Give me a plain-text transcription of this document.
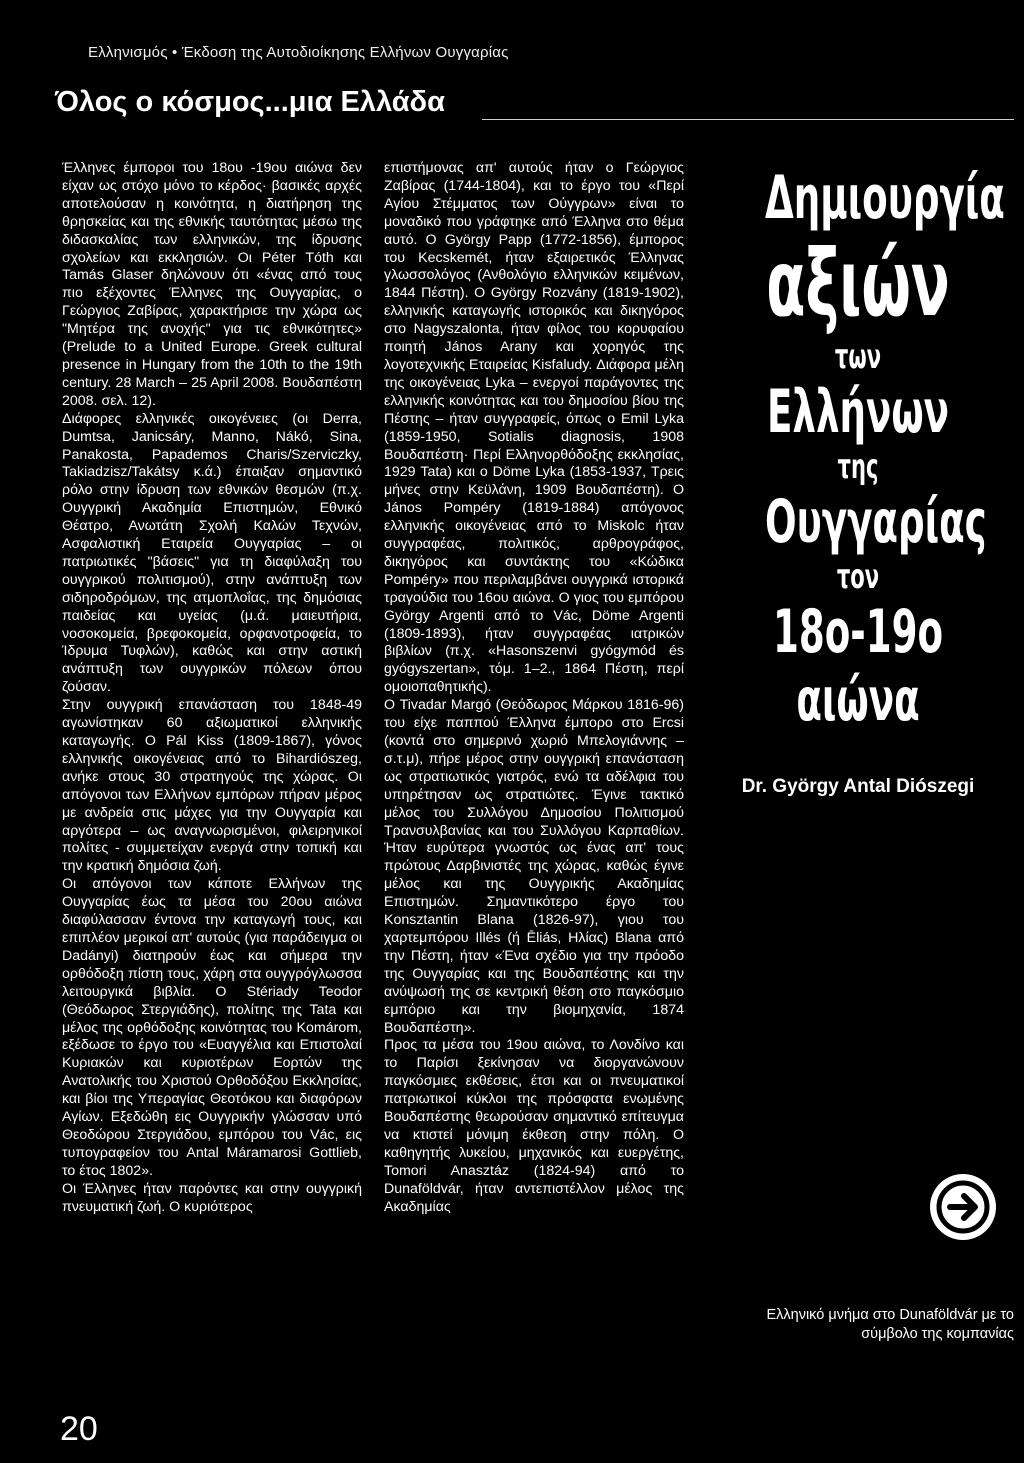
Ελληνισμός • Έκδοση της Αυτοδιοίκησης Ελλήνων Ουγγαρίας
Όλος ο κόσμος...μια Ελλάδα

Έλληνες έμποροι του 18ου -19ου αιώνα δεν είχαν ως στόχο μόνο το κέρδος· βασικές αρχές αποτελούσαν η κοινότητα, η διατήρηση της θρησκείας και της εθνικής ταυτότητας μέσω της διδασκαλίας των ελληνικών, της ίδρυσης σχολείων και εκκλησιών. Οι Péter Tóth και Tamás Glaser δηλώνουν ότι «ένας από τους πιο εξέχοντες Έλληνες της Ουγγαρίας, ο Γεώργιος Ζαβίρας, χαρακτήρισε την χώρα ως "Μητέρα της ανοχής" για τις εθνικότητες» (Prelude to a United Europe. Greek cultural presence in Hungary from the 10th to the 19th century. 28 March – 25 April 2008. Βουδαπέστη 2008. σελ. 12).

Διάφορες ελληνικές οικογένειες (οι Derra, Dumtsa, Janicsáry, Manno, Nákó, Sina, Panakosta, Papademos Charis/Szerviczky, Takiadzisz/Takátsy κ.ά.) έπαιξαν σημαντικό ρόλο στην ίδρυση των εθνικών θεσμών (π.χ. Ουγγρική Ακαδημία Επιστημών, Εθνικό Θέατρο, Ανωτάτη Σχολή Καλών Τεχνών, Ασφαλιστική Εταιρεία Ουγγαρίας – οι πατριωτικές "βάσεις" για τη διαφύλαξη του ουγγρικού πολιτισμού), στην ανάπτυξη των σιδηροδρόμων, της ατμοπλοΐας, της δημόσιας παιδείας και υγείας (μ.ά. μαιευτήρια, νοσοκομεία, βρεφοκομεία, ορφανοτροφεία, το Ίδρυμα Τυφλών), καθώς και στην αστική ανάπτυξη των ουγγρικών πόλεων όπου ζούσαν.

Στην ουγγρική επανάσταση του 1848-49 αγωνίστηκαν 60 αξιωματικοί ελληνικής καταγωγής. Ο Pál Kiss (1809-1867), γόνος ελληνικής οικογένειας από το Bihardiószeg, ανήκε στους 30 στρατηγούς της χώρας. Οι απόγονοι των Ελλήνων εμπόρων πήραν μέρος με ανδρεία στις μάχες για την Ουγγαρία και αργότερα – ως αναγνωρισμένοι, φιλειρηνικοί πολίτες - συμμετείχαν ενεργά στην τοπική και την κρατική δημόσια ζωή.

Οι απόγονοι των κάποτε Ελλήνων της Ουγγαρίας έως τα μέσα του 20ου αιώνα διαφύλασσαν έντονα την καταγωγή τους, και επιπλέον μερικοί απ' αυτούς (για παράδειγμα οι Dadányi) διατηρούν έως και σήμερα την ορθόδοξη πίστη τους, χάρη στα ουγγρόγλωσσα λειτουργικά βιβλία. Ο Stériady Teodor (Θεόδωρος Στεργιάδης), πολίτης της Tata και μέλος της ορθόδοξης κοινότητας του Komárom, εξέδωσε το έργο του «Ευαγγέλια και Επιστολαί Κυριακών και κυριοτέρων Εορτών της Ανατολικής του Χριστού Ορθοδόξου Εκκλησίας, και βίοι της Υπεραγίας Θεοτόκου και διαφόρων Αγίων. Εξεδώθη εις Ουγγρικήν γλώσσαν υπό Θεοδώρου Στεργιάδου, εμπόρου του Vác, εις τυπογραφείον του Antal Máramarosi Gottlieb, το έτος 1802».

Οι Έλληνες ήταν παρόντες και στην ουγγρική πνευματική ζωή. Ο κυριότερος

επιστήμονας απ' αυτούς ήταν ο Γεώργιος Ζαβίρας (1744-1804), και το έργο του «Περί Αγίου Στέμματος των Ούγγρων» είναι το μοναδικό που γράφτηκε από Έλληνα στο θέμα αυτό. Ο György Papp (1772-1856), έμπορος του Kecskemét, ήταν εξαιρετικός Έλληνας γλωσσολόγος (Ανθολόγιο ελληνικών κειμένων, 1844 Πέστη). Ο György Rozvány (1819-1902), ελληνικής καταγωγής ιστορικός και δικηγόρος στο Nagyszalonta, ήταν φίλος του κορυφαίου ποιητή János Arany και χορηγός της λογοτεχνικής Εταιρείας Kisfaludy. Διάφορα μέλη της οικογένειας Lyka – ενεργοί παράγοντες της ελληνικής κοινότητας και του δημοσίου βίου της Πέστης – ήταν συγγραφείς, όπως ο Emil Lyka (1859-1950, Sotialis diagnosis, 1908 Βουδαπέστη· Περί Ελληνορθόδοξης εκκλησίας, 1929 Tata) και ο Döme Lyka (1853-1937, Τρεις μήνες στην Κεϋλάνη, 1909 Βουδαπέστη). Ο János Pompéry (1819-1884) απόγονος ελληνικής οικογένειας από το Miskolc ήταν συγγραφέας, πολιτικός, αρθρογράφος, δικηγόρος και συντάκτης του «Κώδικα Pompéry» που περιλαμβάνει ουγγρικά ιστορικά τραγούδια του 16ου αιώνα. Ο γιος του εμπόρου György Argenti από το Vác, Döme Argenti (1809-1893), ήταν συγγραφέας ιατρικών βιβλίων (π.χ. «Hasonszenvi gyógymód és gyógyszertan», τόμ. 1–2., 1864 Πέστη, περί ομοιοπαθητικής).

Ο Tivadar Margó (Θεόδωρος Μάρκου 1816-96) του είχε παππού Έλληνα έμπορο στο Ercsi (κοντά στο σημερινό χωριό Μπελογιάννης – σ.τ.μ), πήρε μέρος στην ουγγρική επανάσταση ως στρατιωτικός γιατρός, ενώ τα αδέλφια του υπηρέτησαν ως στρατιώτες. Έγινε τακτικό μέλος του Συλλόγου Δημοσίου Πολιτισμού Τρανσυλβανίας και του Συλλόγου Καρπαθίων. Ήταν ευρύτερα γνωστός ως ένας απ' τους πρώτους Δαρβινιστές της χώρας, καθώς έγινε μέλος και της Ουγγρικής Ακαδημίας Επιστημών. Σημαντικότερο έργο του Konsztantin Blana (1826-97), γιου του χαρτεμπόρου Illés (ή Ēliás, Ηλίας) Blana από την Πέστη, ήταν «Ένα σχέδιο για την πρόοδο της Ουγγαρίας και της Βουδαπέστης και την ανύψωσή της σε κεντρική θέση στο παγκόσμιο εμπόριο και την βιομηχανία, 1874 Βουδαπέστη».

Προς τα μέσα του 19ου αιώνα, το Λονδίνο και το Παρίσι ξεκίνησαν να διοργανώνουν παγκόσμιες εκθέσεις, έτσι και οι πνευματικοί πατριωτικοί κύκλοι της πρόσφατα ενωμένης Βουδαπέστης θεωρούσαν σημαντικό επίτευγμα να κτιστεί μόνιμη έκθεση στην πόλη. Ο καθηγητής λυκείου, μηχανικός και ευεργέτης, Tomori Anasztáz (1824-94) από το Dunaföldvár, ήταν αντεπιστέλλον μέλος της Ακαδημίας

Δημιουργία
αξιών
των
Ελλήνων
της
Ουγγαρίας
τον
18ο-19ο
αιώνα
Dr. György Antal Diószegi
Ελληνικό μνήμα στο Dunaföldvár με το σύμβολο της κομπανίας
20
